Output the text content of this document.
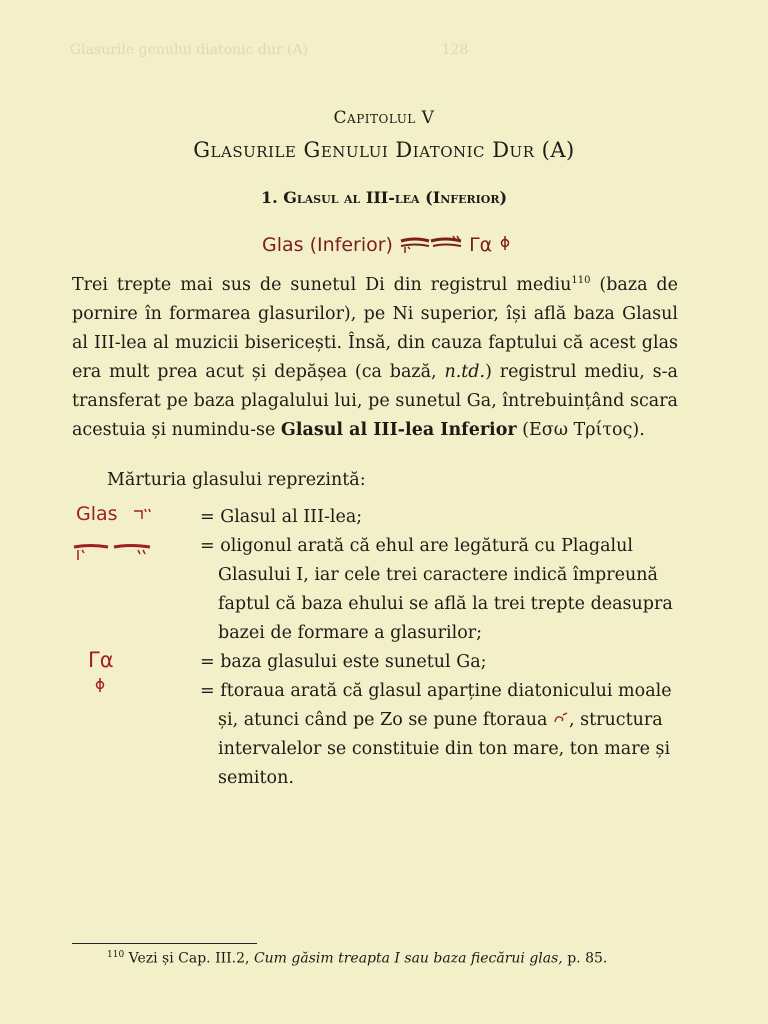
Glasurile genului diatonic dur (A)                              128

Capitolul V
Glasurile Genului Diatonic Dur (A)
1. Glasul al III-lea (Inferior)
Glas (Inferior)	Γα
Trei trepte mai sus de sunetul Di din registrul mediu$^{110}$ (baza de pornire în formarea glasurilor), pe Ni superior, își află baza Glasul al III-lea al muzicii bisericești. Însă, din cauza faptului că acest glas era mult prea acut și depășea (ca bază, n.td.) registrul mediu, s-a transferat pe baza plagalului lui, pe sunetul Ga, întrebuințând scara acestuia și numindu-se Glasul al III-lea Inferior (Εσω Τρίτος).
Mărturia glasului reprezintă:
Glas	= Glasul al III-lea;
= oligonul arată că ehul are legătură cu Plagalul Glasului I, iar cele trei caractere indică împreună faptul că baza ehului se află la trei trepte deasupra bazei de formare a glasurilor;
Γα	= baza glasului este sunetul Ga;
= ftoraua arată că glasul aparține diatonicului moale și, atunci când pe Zo se pune ftoraua , structura intervalelor se constituie din ton mare, ton mare și semiton.
$^{110}$ Vezi și Cap. III.2, Cum găsim treapta I sau baza fiecărui glas, p. 85.
